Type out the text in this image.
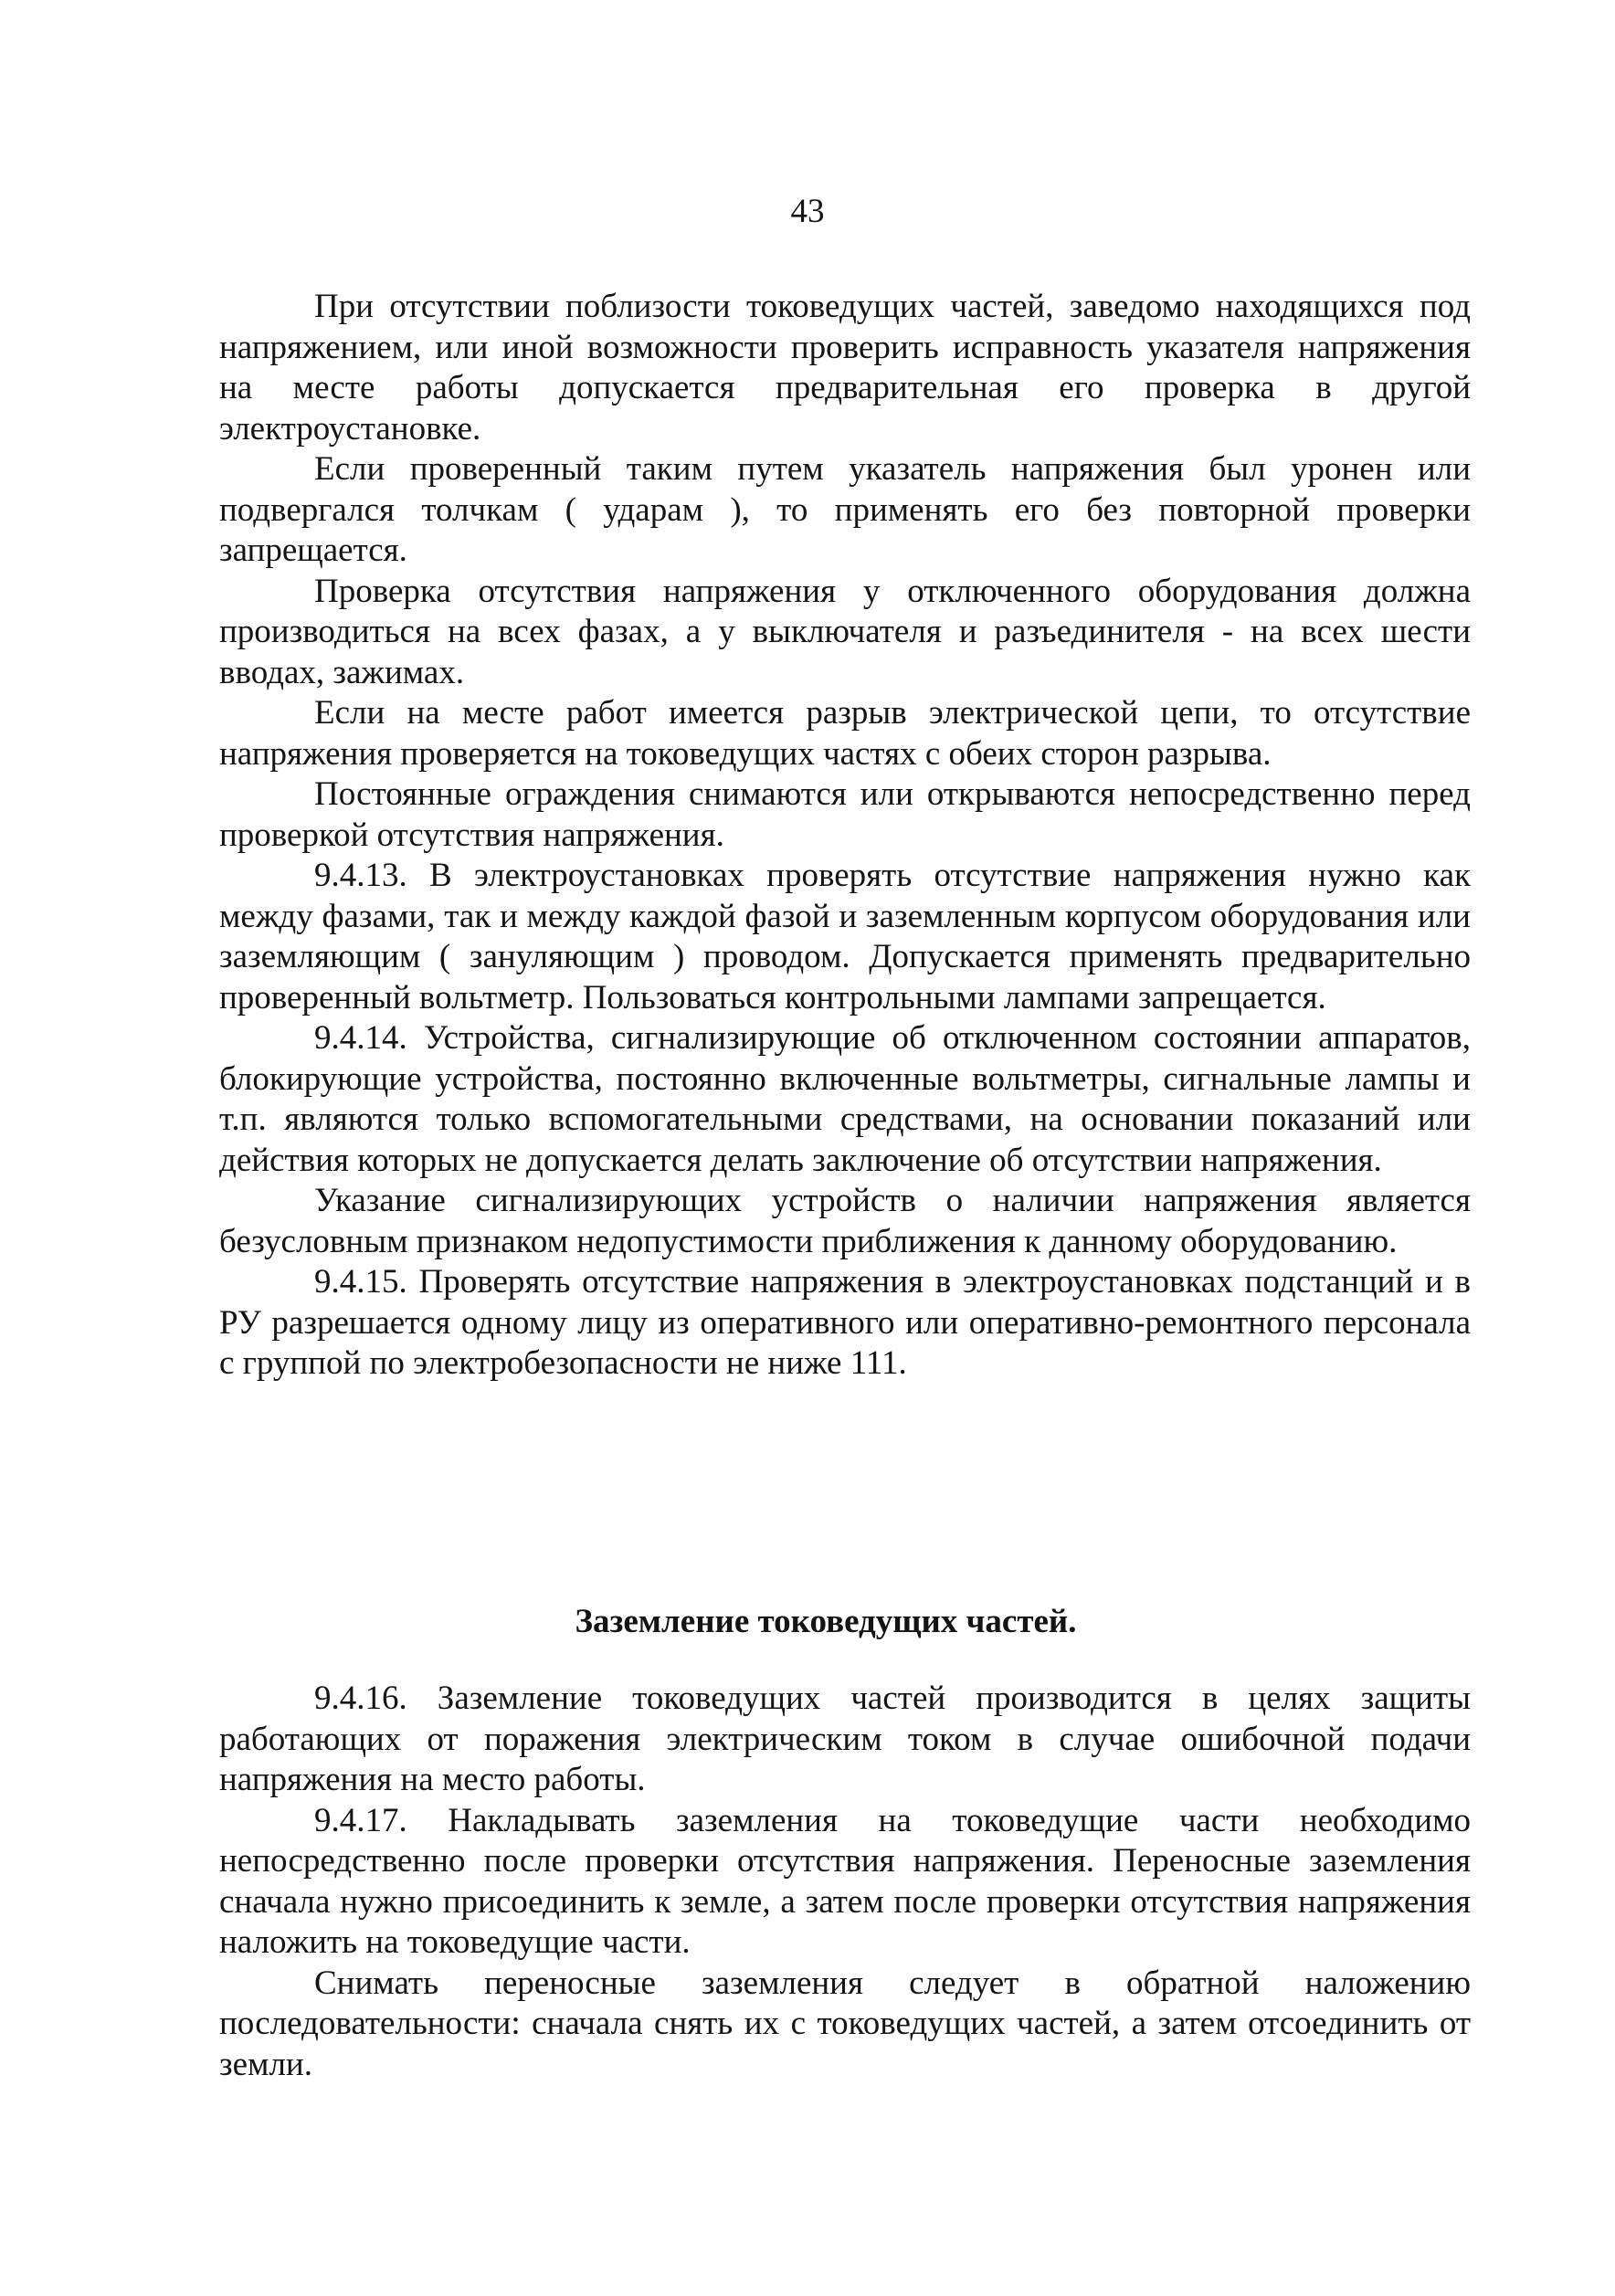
43

При отсутствии поблизости токоведущих частей, заведомо находящихся под напряжением, или иной возможности проверить исправность указателя напряжения на месте работы допускается предварительная его проверка в другой электроустановке.

Если проверенный таким путем указатель напряжения был уронен или подвергался толчкам ( ударам ), то применять его без повторной проверки запрещается.

Проверка отсутствия напряжения у отключенного оборудования должна производиться на всех фазах, а у выключателя и разъединителя - на всех шести вводах, зажимах.

Если на месте работ имеется разрыв электрической цепи, то отсутствие напряжения проверяется на токоведущих частях с обеих сторон разрыва.

Постоянные ограждения снимаются или открываются непосредственно перед проверкой отсутствия напряжения.

9.4.13. В электроустановках проверять отсутствие напряжения нужно как между фазами, так и между каждой фазой и заземленным корпусом оборудования или заземляющим ( зануляющим ) проводом. Допускается применять предварительно проверенный вольтметр. Пользоваться контрольными лампами запрещается.

9.4.14. Устройства, сигнализирующие об отключенном состоянии аппаратов, блокирующие устройства, постоянно включенные вольтметры, сигнальные лампы и т.п. являются только вспомогательными средствами, на основании показаний или действия которых не допускается делать заключение об отсутствии напряжения.

Указание сигнализирующих устройств о наличии напряжения является безусловным признаком недопустимости приближения к данному оборудованию.

9.4.15. Проверять отсутствие напряжения в электроустановках подстанций и в РУ разрешается одному лицу из оперативного или оперативно-ремонтного персонала с группой по электробезопасности не ниже 111.

Заземление токоведущих частей.

9.4.16. Заземление токоведущих частей производится в целях защиты работающих от поражения электрическим током в случае ошибочной подачи напряжения на место работы.

9.4.17. Накладывать заземления на токоведущие части необходимо непосредственно после проверки отсутствия напряжения. Переносные заземления сначала нужно присоединить к земле, а затем после проверки отсутствия напряжения наложить на токоведущие части.

Снимать переносные заземления следует в обратной наложению последовательности: сначала снять их с токоведущих частей, а затем отсоединить от земли.
